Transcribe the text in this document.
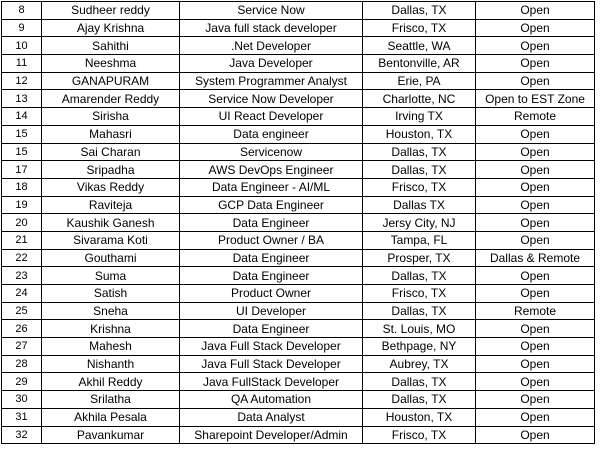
8	Sudheer reddy	Service Now	Dallas, TX	Open
9	Ajay Krishna	Java full stack developer	Frisco, TX	Open
10	Sahithi	.Net Developer	Seattle, WA	Open
11	Neeshma	Java Developer	Bentonville, AR	Open
12	GANAPURAM	System Programmer Analyst	Erie, PA	Open
13	Amarender Reddy	Service Now Developer	Charlotte, NC	Open to EST Zone
14	Sirisha	UI React Developer	Irving TX	Remote
15	Mahasri	Data engineer	Houston, TX	Open
15	Sai Charan	Servicenow	Dallas, TX	Open
17	Sripadha	AWS DevOps Engineer	Dallas, TX	Open
18	Vikas Reddy	Data Engineer - AI/ML	Frisco, TX	Open
19	Raviteja	GCP Data Engineer	Dallas TX	Open
20	Kaushik Ganesh	Data Engineer	Jersy City, NJ	Open
21	Sivarama Koti	Product Owner / BA	Tampa, FL	Open
22	Gouthami	Data Engineer	Prosper, TX	Dallas & Remote
23	Suma	Data Engineer	Dallas, TX	Open
24	Satish	Product Owner	Frisco, TX	Open
25	Sneha	UI Developer	Dallas, TX	Remote
26	Krishna	Data Engineer	St. Louis, MO	Open
27	Mahesh	Java Full Stack Developer	Bethpage, NY	Open
28	Nishanth	Java Full Stack Developer	Aubrey, TX	Open
29	Akhil Reddy	Java FullStack Developer	Dallas, TX	Open
30	Srilatha	QA Automation	Dallas, TX	Open
31	Akhila Pesala	Data Analyst	Houston, TX	Open
32	Pavankumar	Sharepoint Developer/Admin	Frisco, TX	Open
